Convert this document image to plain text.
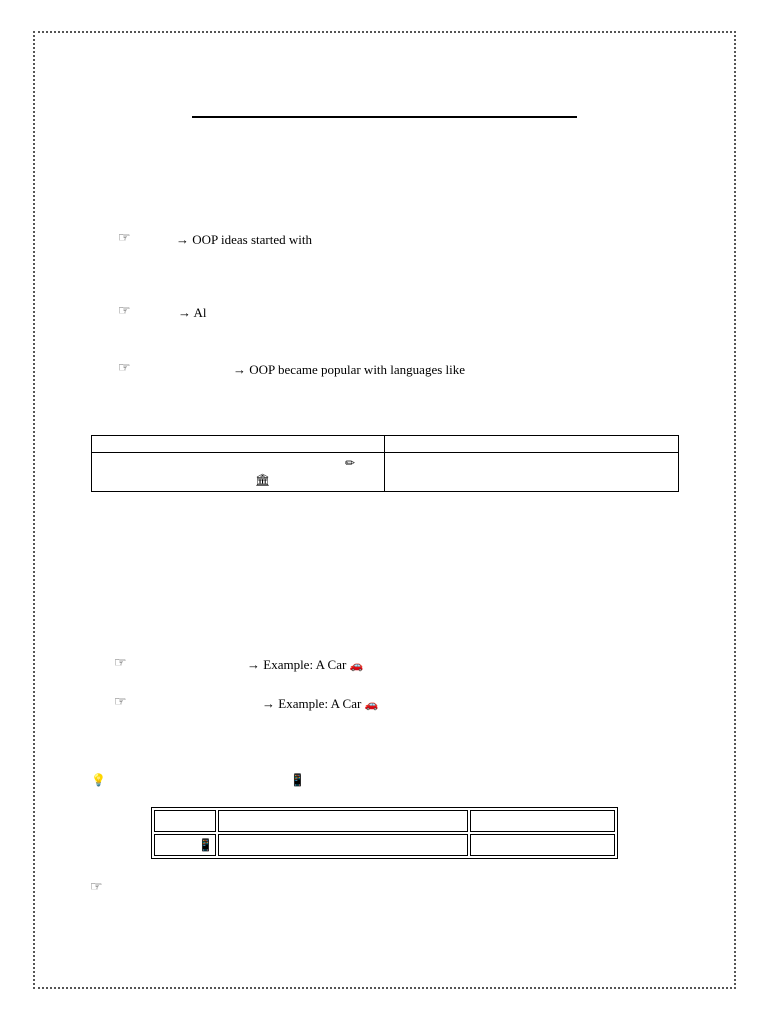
☞	→ OOP ideas started with
☞	→ Al
☞	→ OOP became popular with languages like

✏
🏛	

☞	→ Example: A Car 🚗
☞	→ Example: A Car 🚗
💡	📱

📱		

☞
